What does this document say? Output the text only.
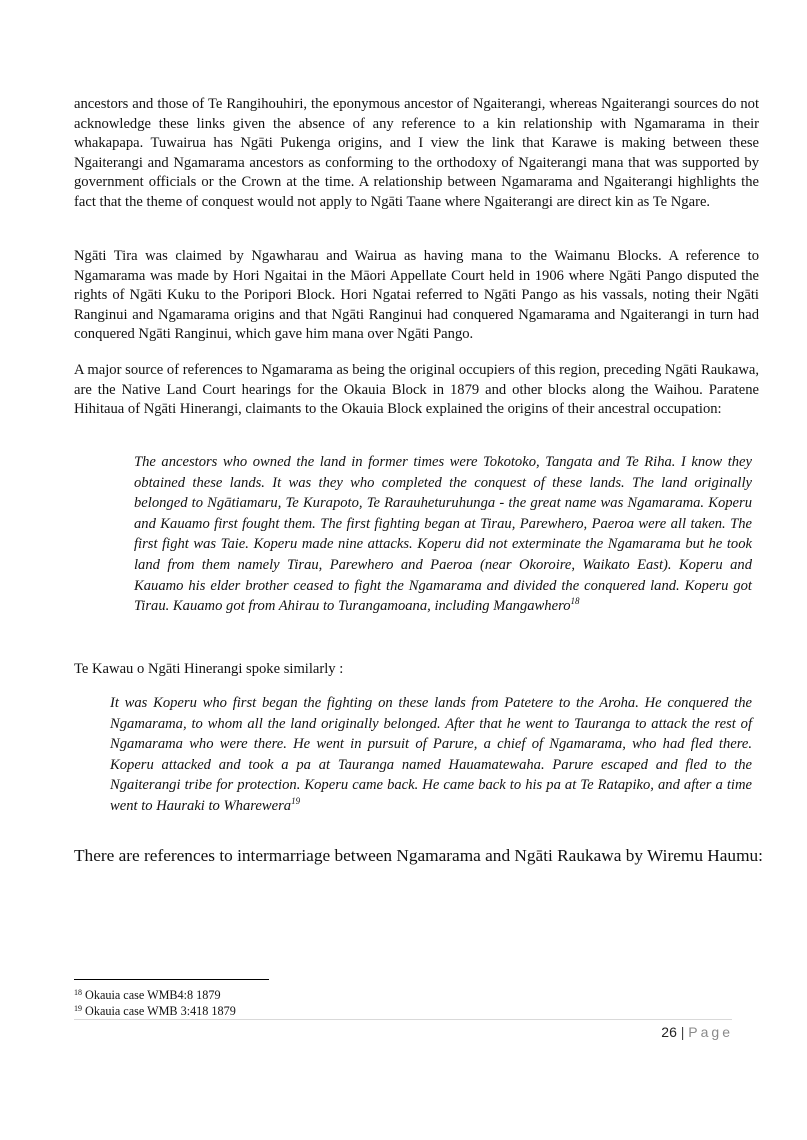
ancestors and those of Te Rangihouhiri, the eponymous ancestor of Ngaiterangi, whereas Ngaiterangi sources do not acknowledge these links given the absence of any reference to a kin relationship with Ngamarama in their whakapapa. Tuwairua has Ngāti Pukenga origins, and I view the link that Karawe is making between these Ngaiterangi and Ngamarama ancestors as conforming to the orthodoxy of Ngaiterangi mana that was supported by government officials or the Crown at the time. A relationship between Ngamarama and Ngaiterangi highlights the fact that the theme of conquest would not apply to Ngāti Taane where Ngaiterangi are direct kin as Te Ngare.

Ngāti Tira was claimed by Ngawharau and Wairua as having mana to the Waimanu Blocks. A reference to Ngamarama was made by Hori Ngaitai in the Māori Appellate Court held in 1906 where Ngāti Pango disputed the rights of Ngāti Kuku to the Poripori Block. Hori Ngatai referred to Ngāti Pango as his vassals, noting their Ngāti Ranginui and Ngamarama origins and that Ngāti Ranginui had conquered Ngamarama and Ngaiterangi in turn had conquered Ngāti Ranginui, which gave him mana over Ngāti Pango.

A major source of references to Ngamarama as being the original occupiers of this region, preceding Ngāti Raukawa, are the Native Land Court hearings for the Okauia Block in 1879 and other blocks along the Waihou. Paratene Hihitaua of Ngāti Hinerangi, claimants to the Okauia Block explained the origins of their ancestral occupation:

The ancestors who owned the land in former times were Tokotoko, Tangata and Te Riha. I know they obtained these lands. It was they who completed the conquest of these lands. The land originally belonged to Ngātiamaru, Te Kurapoto, Te Rarauheturuhunga - the great name was Ngamarama. Koperu and Kauamo first fought them. The first fighting began at Tirau, Parewhero, Paeroa were all taken. The first fight was Taie. Koperu made nine attacks. Koperu did not exterminate the Ngamarama but he took land from them namely Tirau, Parewhero and Paeroa (near Okoroire, Waikato East). Koperu and Kauamo his elder brother ceased to fight the Ngamarama and divided the conquered land. Koperu got Tirau. Kauamo got from Ahirau to Turangamoana, including Mangawhero$^{18}$

Te Kawau o Ngāti Hinerangi spoke similarly :

It was Koperu who first began the fighting on these lands from Patetere to the Aroha. He conquered the Ngamarama, to whom all the land originally belonged. After that he went to Tauranga to attack the rest of Ngamarama who were there. He went in pursuit of Parure, a chief of Ngamarama, who had fled there. Koperu attacked and took a pa at Tauranga named Hauamatewaha. Parure escaped and fled to the Ngaiterangi tribe for protection. Koperu came back. He came back to his pa at Te Ratapiko, and after a time went to Hauraki to Wharewera$^{19}$

There are references to intermarriage between Ngamarama and Ngāti Raukawa by Wiremu Haumu:

$^{18}$ Okauia case WMB4:8 1879

$^{19}$ Okauia case WMB 3:418 1879

26 | Page
